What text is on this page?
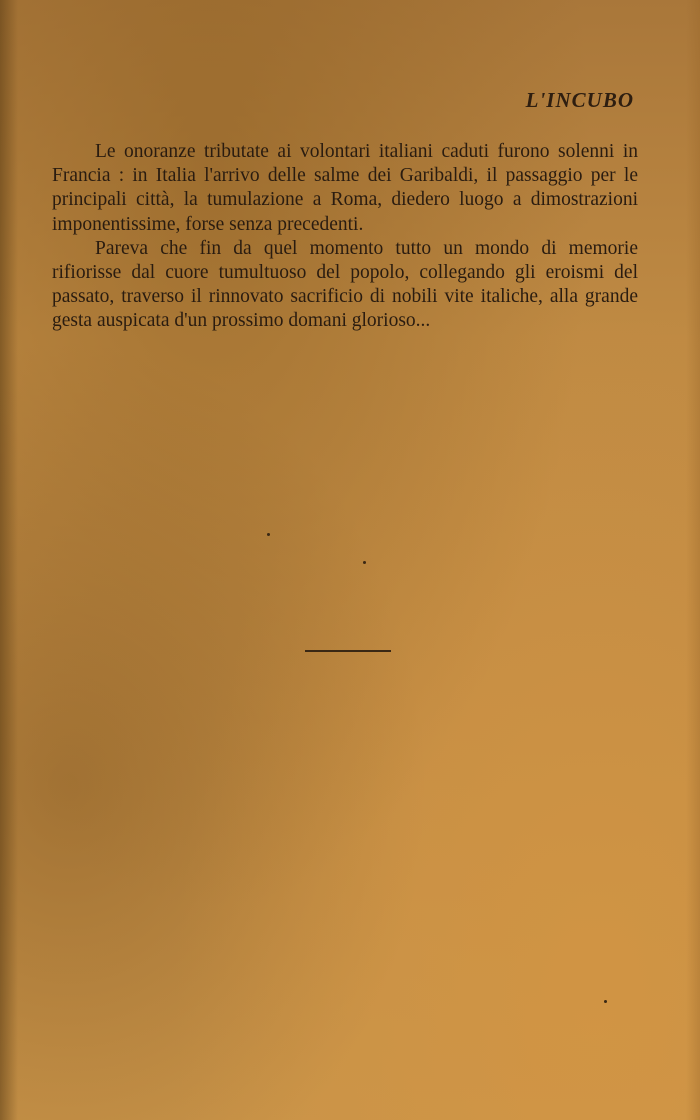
L'INCUBO

Le onoranze tributate ai volontari italiani caduti furono solenni in Francia : in Italia l'arrivo delle salme dei Garibaldi, il passaggio per le principali città, la tumulazione a Roma, diedero luogo a dimostrazioni imponentissime, forse senza precedenti.

Pareva che fin da quel momento tutto un mondo di memorie rifiorisse dal cuore tumultuoso del popolo, collegando gli eroismi del passato, traverso il rinnovato sacrificio di nobili vite italiche, alla grande gesta auspicata d'un prossimo domani glorioso...
